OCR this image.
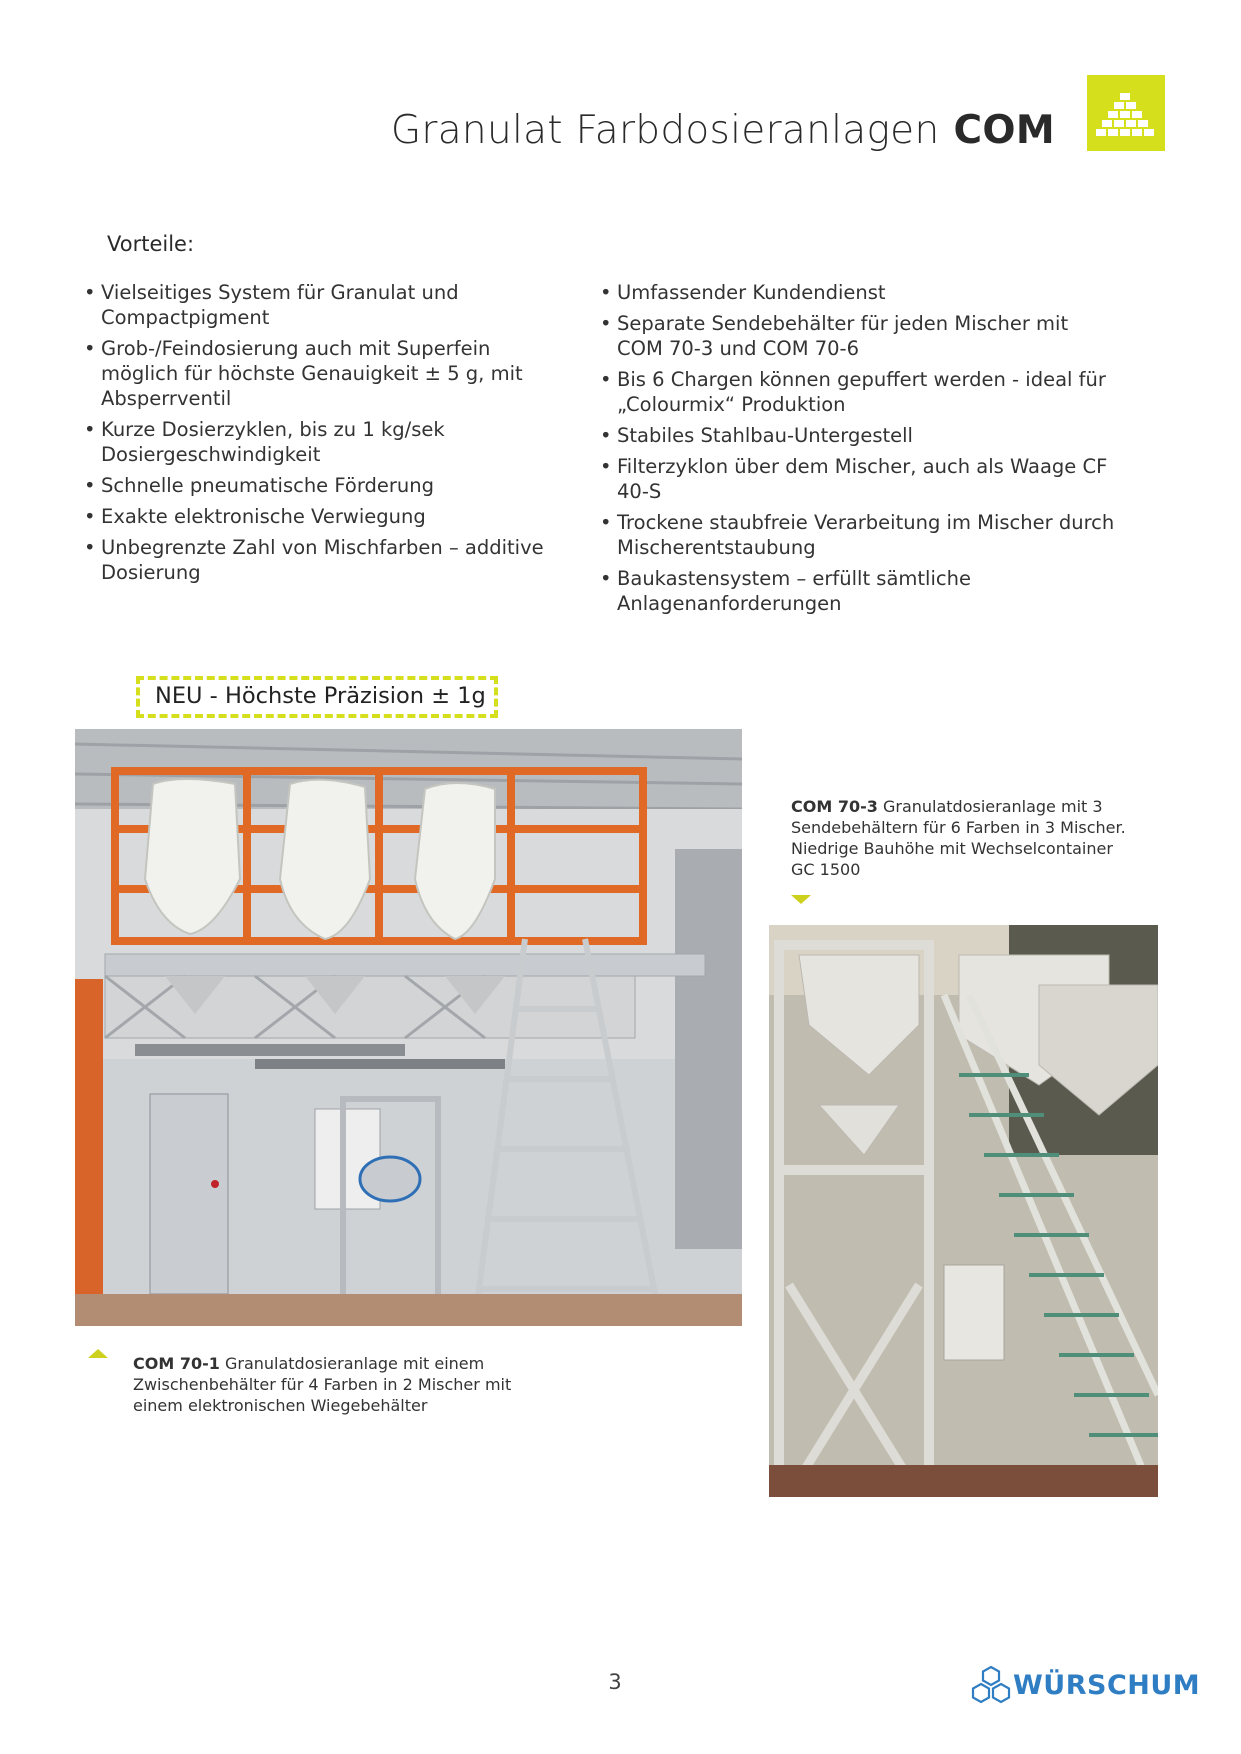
Granulat Farbdosieranlagen COM
Vorteile:
• Vielseitiges System für Granulat und Compactpigment
• Grob-/Feindosierung auch mit Superfein möglich für höchste Genauigkeit ± 5 g, mit Absperrventil
• Kurze Dosierzyklen, bis zu 1 kg/sek Dosiergeschwindigkeit
• Schnelle pneumatische Förderung
• Exakte elektronische Verwiegung
• Unbegrenzte Zahl von Mischfarben – additive Dosierung
• Umfassender Kundendienst
• Separate Sendebehälter für jeden Mischer mit COM 70-3 und COM 70-6
• Bis 6 Chargen können gepuffert werden - ideal für „Colourmix“ Produktion
• Stabiles Stahlbau-Untergestell
• Filterzyklon über dem Mischer, auch als Waage CF 40-S
• Trockene staubfreie Verarbeitung im Mischer durch Mischerentstaubung
• Baukastensystem – erfüllt sämtliche Anlagenanforderungen
NEU - Höchste Präzision ± 1g
COM 70-1 Granulatdosieranlage mit einem Zwischenbehälter für 4 Farben in 2 Mischer mit einem elektronischen Wiegebehälter
COM 70-3 Granulatdosieranlage mit 3 Sendebehältern für 6 Farben in 3 Mischer. Niedrige Bauhöhe mit Wechselcontainer GC 1500
3	WÜRSCHUM
